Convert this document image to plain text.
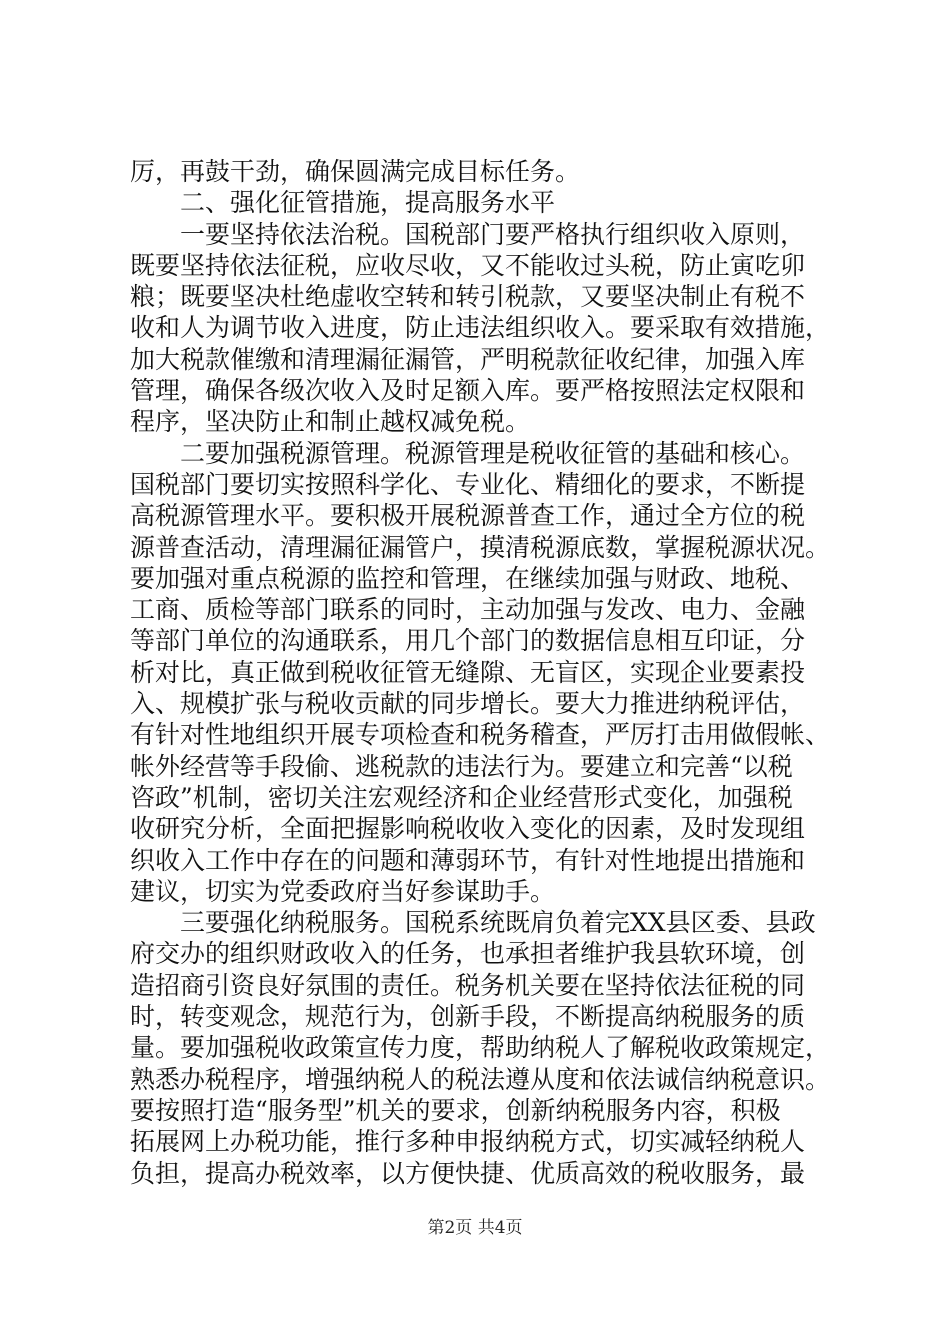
厉，再鼓干劲，确保圆满完成目标任务。
　　二、强化征管措施，提高服务水平
　　一要坚持依法治税。国税部门要严格执行组织收入原则，
既要坚持依法征税，应收尽收，又不能收过头税，防止寅吃卯
粮；既要坚决杜绝虚收空转和转引税款，又要坚决制止有税不
收和人为调节收入进度，防止违法组织收入。要采取有效措施，
加大税款催缴和清理漏征漏管，严明税款征收纪律，加强入库
管理，确保各级次收入及时足额入库。要严格按照法定权限和
程序，坚决防止和制止越权减免税。
　　二要加强税源管理。税源管理是税收征管的基础和核心。
国税部门要切实按照科学化、专业化、精细化的要求，不断提
高税源管理水平。要积极开展税源普查工作，通过全方位的税
源普查活动，清理漏征漏管户，摸清税源底数，掌握税源状况。
要加强对重点税源的监控和管理，在继续加强与财政、地税、
工商、质检等部门联系的同时，主动加强与发改、电力、金融
等部门单位的沟通联系，用几个部门的数据信息相互印证，分
析对比，真正做到税收征管无缝隙、无盲区，实现企业要素投
入、规模扩张与税收贡献的同步增长。要大力推进纳税评估，
有针对性地组织开展专项检查和税务稽查，严厉打击用做假帐、
帐外经营等手段偷、逃税款的违法行为。要建立和完善“以税
咨政”机制，密切关注宏观经济和企业经营形式变化，加强税
收研究分析，全面把握影响税收收入变化的因素，及时发现组
织收入工作中存在的问题和薄弱环节，有针对性地提出措施和
建议，切实为党委政府当好参谋助手。
　　三要强化纳税服务。国税系统既肩负着完XX县区委、县政
府交办的组织财政收入的任务，也承担者维护我县软环境，创
造招商引资良好氛围的责任。税务机关要在坚持依法征税的同
时，转变观念，规范行为，创新手段，不断提高纳税服务的质
量。要加强税收政策宣传力度，帮助纳税人了解税收政策规定，
熟悉办税程序，增强纳税人的税法遵从度和依法诚信纳税意识。
要按照打造“服务型”机关的要求，创新纳税服务内容，积极
拓展网上办税功能，推行多种申报纳税方式，切实减轻纳税人
负担，提高办税效率，以方便快捷、优质高效的税收服务，最
第2页 共4页
